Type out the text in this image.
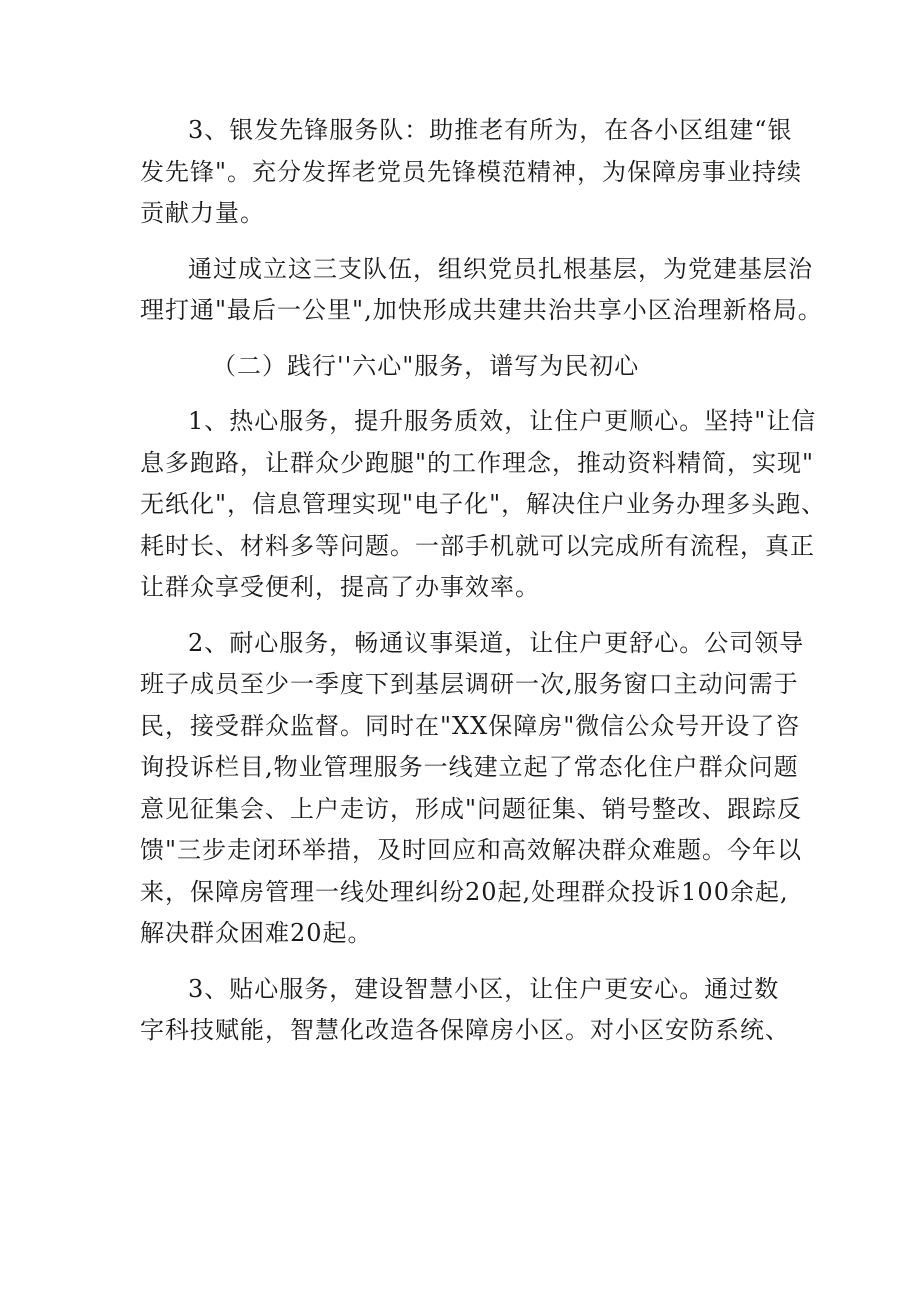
3、银发先锋服务队：助推老有所为，在各小区组建“银
发先锋"。充分发挥老党员先锋模范精神，为保障房事业持续
贡献力量。
通过成立这三支队伍，组织党员扎根基层，为党建基层治
理打通"最后一公里",加快形成共建共治共享小区治理新格局。
（二）践行''六心"服务，谱写为民初心
1、热心服务，提升服务质效，让住户更顺心。坚持"让信
息多跑路，让群众少跑腿"的工作理念，推动资料精简，实现"
无纸化"，信息管理实现"电子化"，解决住户业务办理多头跑、
耗时长、材料多等问题。一部手机就可以完成所有流程，真正
让群众享受便利，提高了办事效率。
2、耐心服务，畅通议事渠道，让住户更舒心。公司领导
班子成员至少一季度下到基层调研一次,服务窗口主动问需于
民，接受群众监督。同时在"XX保障房"微信公众号开设了咨
询投诉栏目,物业管理服务一线建立起了常态化住户群众问题
意见征集会、上户走访，形成"问题征集、销号整改、跟踪反
馈"三步走闭环举措，及时回应和高效解决群众难题。今年以
来，保障房管理一线处理纠纷20起,处理群众投诉100余起,
解决群众困难20起。
3、贴心服务，建设智慧小区，让住户更安心。通过数
字科技赋能，智慧化改造各保障房小区。对小区安防系统、
